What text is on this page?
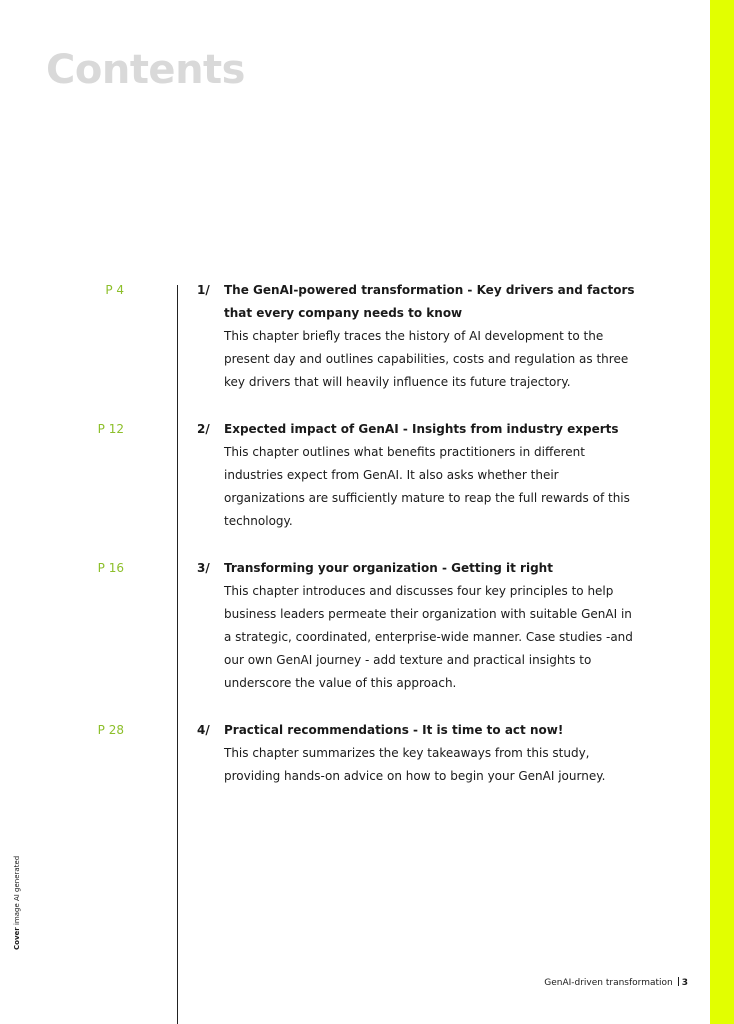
Contents
P 4	1/ The GenAI-powered transformation - Key drivers and factors that every company needs to know

This chapter briefly traces the history of AI development to the present day and outlines capabilities, costs and regulation as three key drivers that will heavily influence its future trajectory.

P 12	2/ Expected impact of GenAI - Insights from industry experts

This chapter outlines what benefits practitioners in different industries expect from GenAI. It also asks whether their organizations are sufficiently mature to reap the full rewards of this technology.

P 16	3/ Transforming your organization - Getting it right

This chapter introduces and discusses four key principles to help business leaders permeate their organization with suitable GenAI in a strategic, coordinated, enterprise-wide manner. Case studies -and our own GenAI journey - add texture and practical insights to underscore the value of this approach.

P 28	4/ Practical recommendations - It is time to act now!

This chapter summarizes the key takeaways from this study, providing hands-on advice on how to begin your GenAI journey.

Cover image AI generated
GenAI-driven transformation 3
